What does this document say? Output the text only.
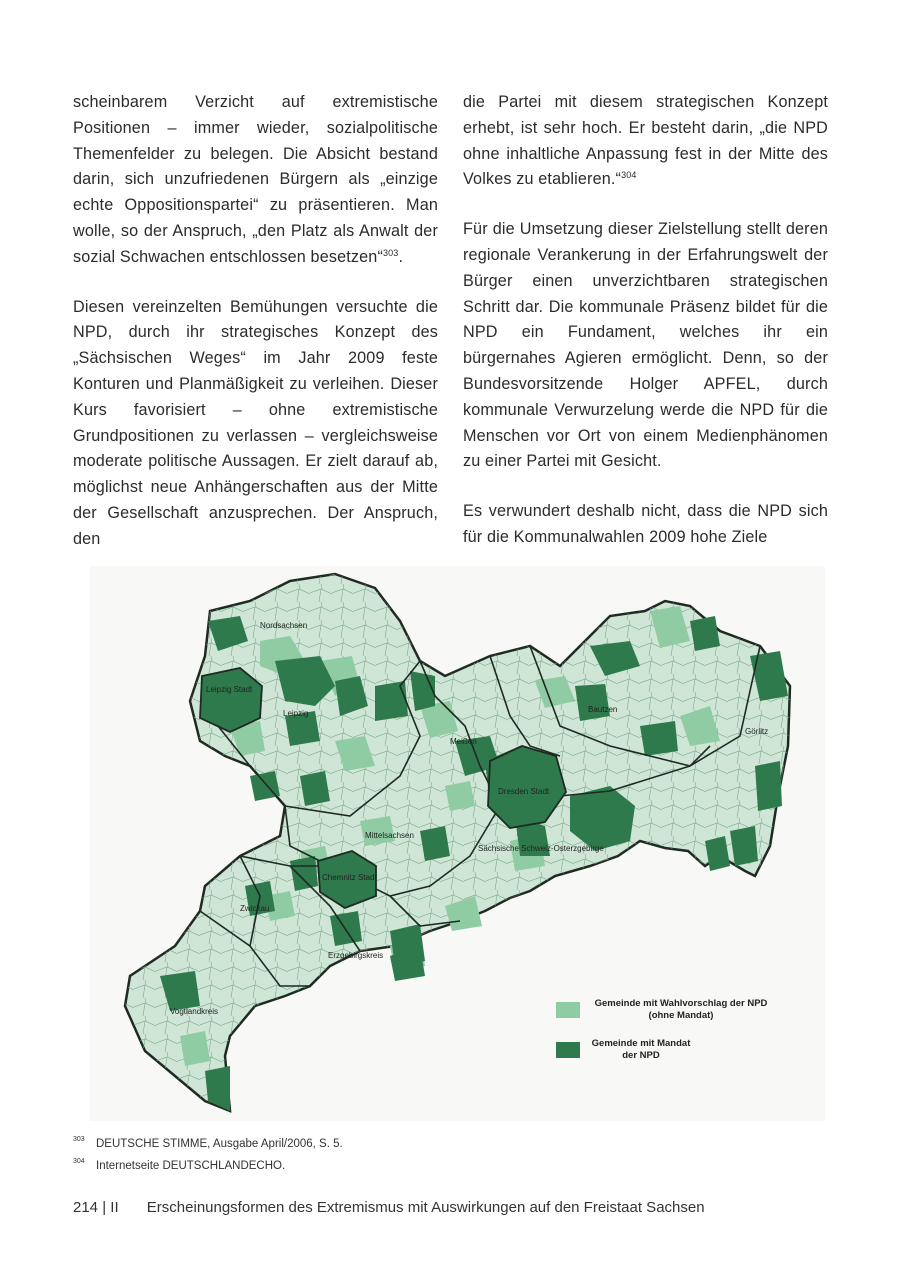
scheinbarem Verzicht auf extremistische Positionen – immer wieder, sozialpolitische Themenfelder zu belegen. Die Absicht bestand darin, sich unzufriedenen Bürgern als „einzige echte Oppositionspartei“ zu präsentieren. Man wolle, so der Anspruch, „den Platz als Anwalt der sozial Schwachen entschlossen besetzen“$^{303}$.

Diesen vereinzelten Bemühungen versuchte die NPD, durch ihr strategisches Konzept des „Sächsischen Weges“ im Jahr 2009 feste Konturen und Planmäßigkeit zu verleihen. Dieser Kurs favorisiert – ohne extremistische Grundpositionen zu verlassen – vergleichsweise moderate politische Aussagen. Er zielt darauf ab, möglichst neue Anhängerschaften aus der Mitte der Gesellschaft anzusprechen. Der Anspruch, den

die Partei mit diesem strategischen Konzept erhebt, ist sehr hoch. Er besteht darin, „die NPD ohne inhaltliche Anpassung fest in der Mitte des Volkes zu etablieren.“$^{304}$

Für die Umsetzung dieser Zielstellung stellt deren regionale Verankerung in der Erfahrungswelt der Bürger einen unverzichtbaren strategischen Schritt dar. Die kommunale Präsenz bildet für die NPD ein Fundament, welches ihr ein bürgernahes Agieren ermöglicht. Denn, so der Bundesvorsitzende Holger APFEL, durch kommunale Verwurzelung werde die NPD für die Menschen vor Ort von einem Medienphänomen zu einer Partei mit Gesicht.

Es verwundert deshalb nicht, dass die NPD sich für die Kommunalwahlen 2009 hohe Ziele

Nordsachsen
Leipzig Stadt
Leipzig
Meißen
Bautzen
Görlitz
Dresden Stadt
Mittelsachsen
Sächsische Schweiz-Osterzgebirge
Chemnitz Stadt
Zwickau
Erzgebirgskreis
Vogtlandkreis
Gemeinde mit Wahlvorschlag der NPD (ohne Mandat)
Gemeinde mit Mandat der NPD
303 DEUTSCHE STIMME, Ausgabe April/2006, S. 5.
304 Internetseite DEUTSCHLANDECHO.
214 | II Erscheinungsformen des Extremismus mit Auswirkungen auf den Freistaat Sachsen
